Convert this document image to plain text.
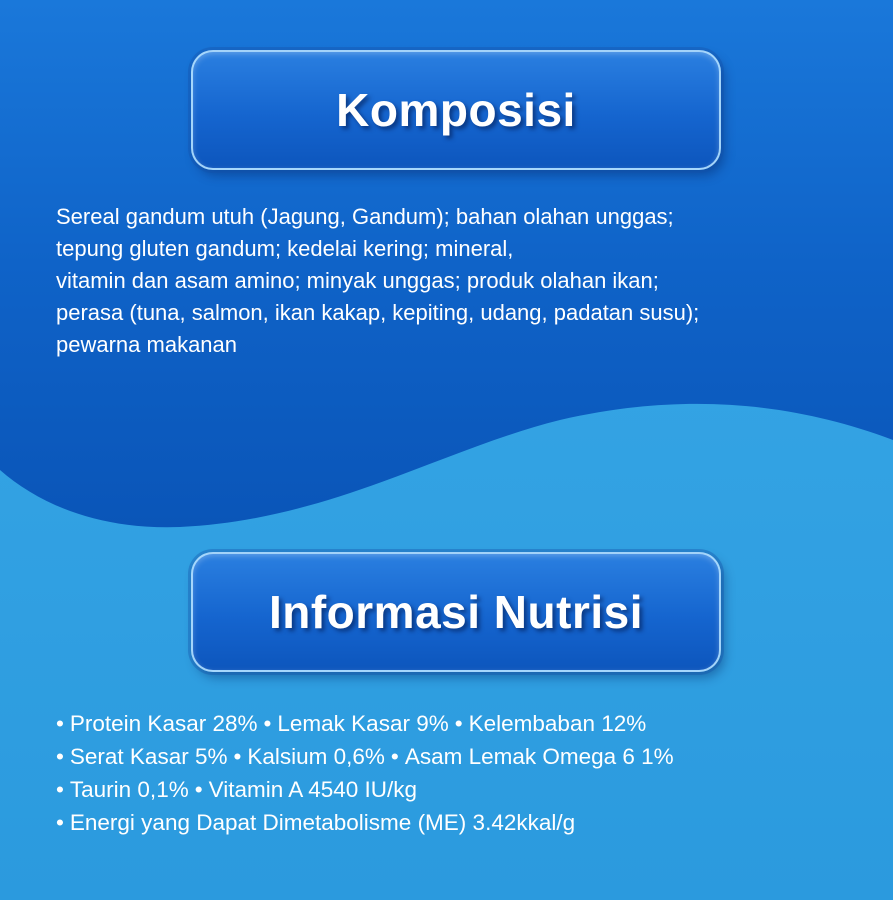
Komposisi
Sereal gandum utuh (Jagung, Gandum); bahan olahan unggas;
tepung gluten gandum; kedelai kering; mineral,
vitamin dan asam amino; minyak unggas; produk olahan ikan;
perasa (tuna, salmon, ikan kakap, kepiting, udang, padatan susu);
pewarna makanan
Informasi Nutrisi
• Protein Kasar 28% • Lemak Kasar 9% • Kelembaban 12%
• Serat Kasar 5% • Kalsium 0,6% • Asam Lemak Omega 6 1%
• Taurin 0,1% • Vitamin A 4540 IU/kg
• Energi yang Dapat Dimetabolisme (ME) 3.42kkal/g
